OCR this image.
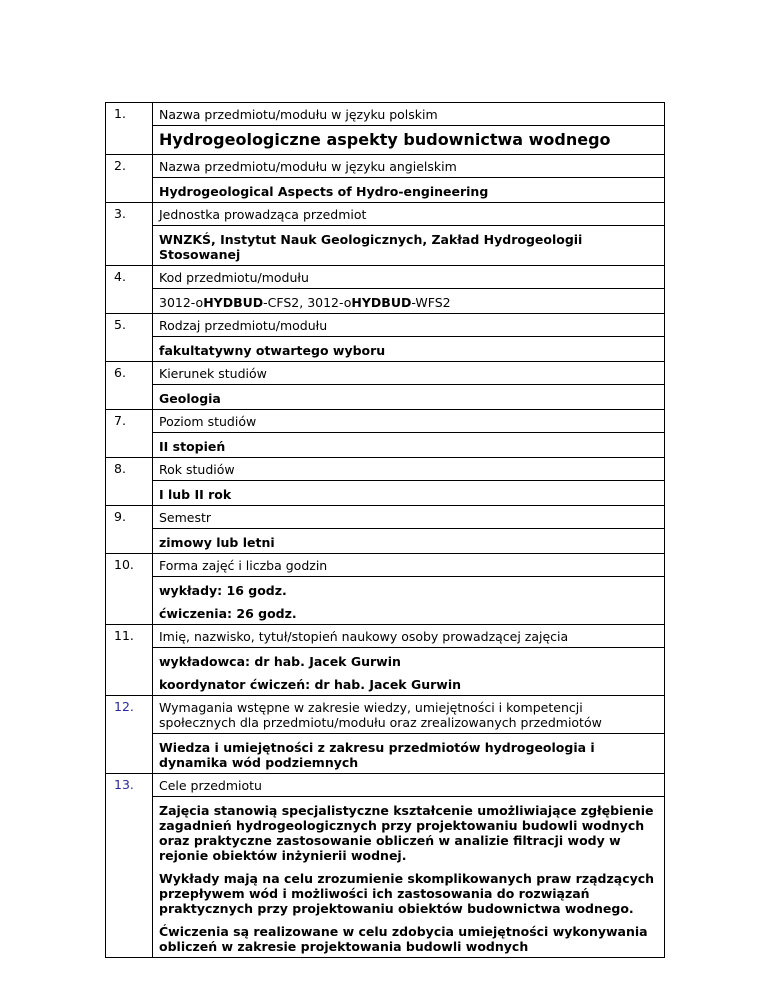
1.	Nazwa przedmiotu/modułu w języku polskim
Hydrogeologiczne aspekty budownictwa wodnego

2.	Nazwa przedmiotu/modułu w języku angielskim
Hydrogeological Aspects of Hydro-engineering

3.	Jednostka prowadząca przedmiot
WNZKŚ, Instytut Nauk Geologicznych, Zakład Hydrogeologii Stosowanej

4.	Kod przedmiotu/modułu
3012-oHYDBUD-CFS2, 3012-oHYDBUD-WFS2

5.	Rodzaj przedmiotu/modułu
fakultatywny otwartego wyboru

6.	Kierunek studiów
Geologia

7.	Poziom studiów
II stopień

8.	Rok studiów
I lub II rok

9.	Semestr
zimowy lub letni

10.	Forma zajęć i liczba godzin
wykłady: 16 godz.
ćwiczenia: 26 godz.

11.	Imię, nazwisko, tytuł/stopień naukowy osoby prowadzącej zajęcia
wykładowca: dr hab. Jacek Gurwin
koordynator ćwiczeń: dr hab. Jacek Gurwin

12.	Wymagania wstępne w zakresie wiedzy, umiejętności i kompetencji społecznych dla przedmiotu/modułu oraz zrealizowanych przedmiotów
Wiedza i umiejętności z zakresu przedmiotów hydrogeologia i dynamika wód podziemnych

13.	Cele przedmiotu
Zajęcia stanowią specjalistyczne kształcenie umożliwiające zgłębienie zagadnień hydrogeologicznych przy projektowaniu budowli wodnych oraz praktyczne zastosowanie obliczeń w analizie filtracji wody w rejonie obiektów inżynierii wodnej.
Wykłady mają na celu zrozumienie skomplikowanych praw rządzących przepływem wód i możliwości ich zastosowania do rozwiązań praktycznych przy projektowaniu obiektów budownictwa wodnego.
Ćwiczenia są realizowane w celu zdobycia umiejętności wykonywania obliczeń w zakresie projektowania budowli wodnych
